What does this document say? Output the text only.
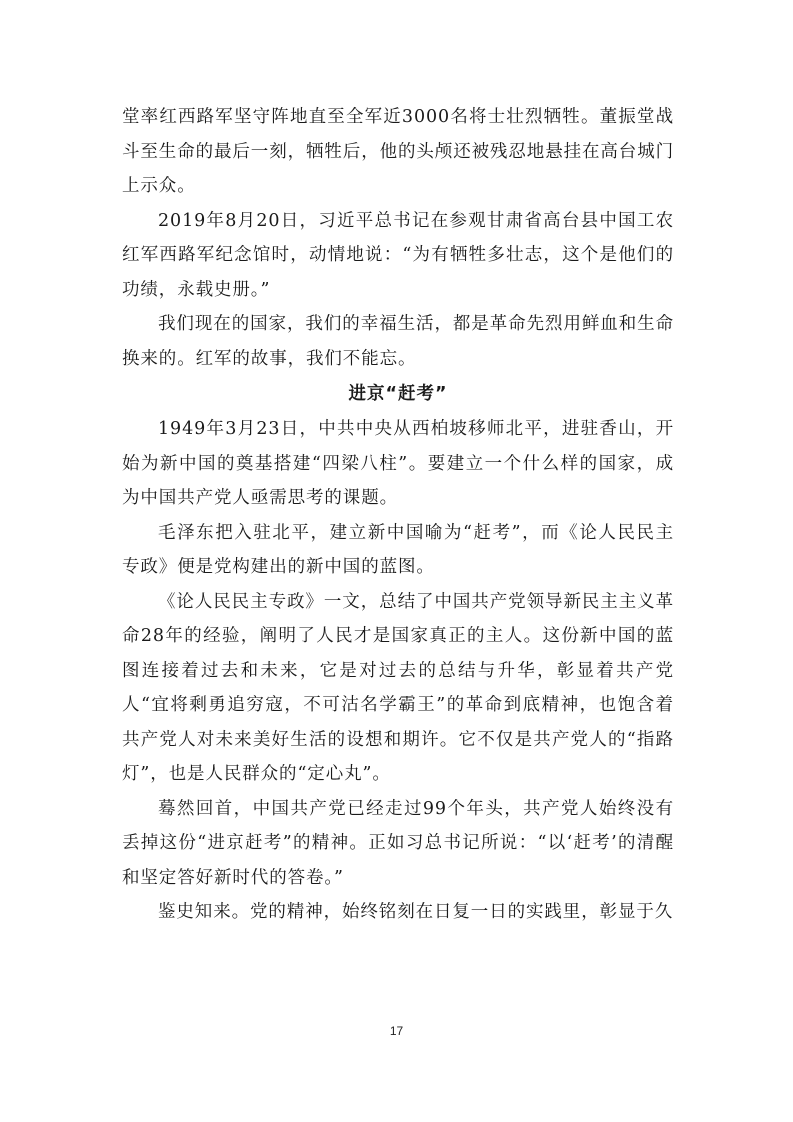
堂率红西路军坚守阵地直至全军近3000名将士壮烈牺牲。董振堂战斗至生命的最后一刻，牺牲后，他的头颅还被残忍地悬挂在高台城门上示众。

2019年8月20日，习近平总书记在参观甘肃省高台县中国工农红军西路军纪念馆时，动情地说：“为有牺牲多壮志，这个是他们的功绩，永载史册。”

我们现在的国家，我们的幸福生活，都是革命先烈用鲜血和生命换来的。红军的故事，我们不能忘。

进京“赶考”

1949年3月23日，中共中央从西柏坡移师北平，进驻香山，开始为新中国的奠基搭建“四梁八柱”。要建立一个什么样的国家，成为中国共产党人亟需思考的课题。

毛泽东把入驻北平，建立新中国喻为“赶考”，而《论人民民主专政》便是党构建出的新中国的蓝图。

《论人民民主专政》一文，总结了中国共产党领导新民主主义革命28年的经验，阐明了人民才是国家真正的主人。这份新中国的蓝图连接着过去和未来，它是对过去的总结与升华，彰显着共产党人“宜将剩勇追穷寇，不可沽名学霸王”的革命到底精神，也饱含着共产党人对未来美好生活的设想和期许。它不仅是共产党人的“指路灯”，也是人民群众的“定心丸”。

蓦然回首，中国共产党已经走过99个年头，共产党人始终没有丢掉这份“进京赶考”的精神。正如习总书记所说：“以‘赶考’的清醒和坚定答好新时代的答卷。”

鉴史知来。党的精神，始终铭刻在日复一日的实践里，彰显于久

17
